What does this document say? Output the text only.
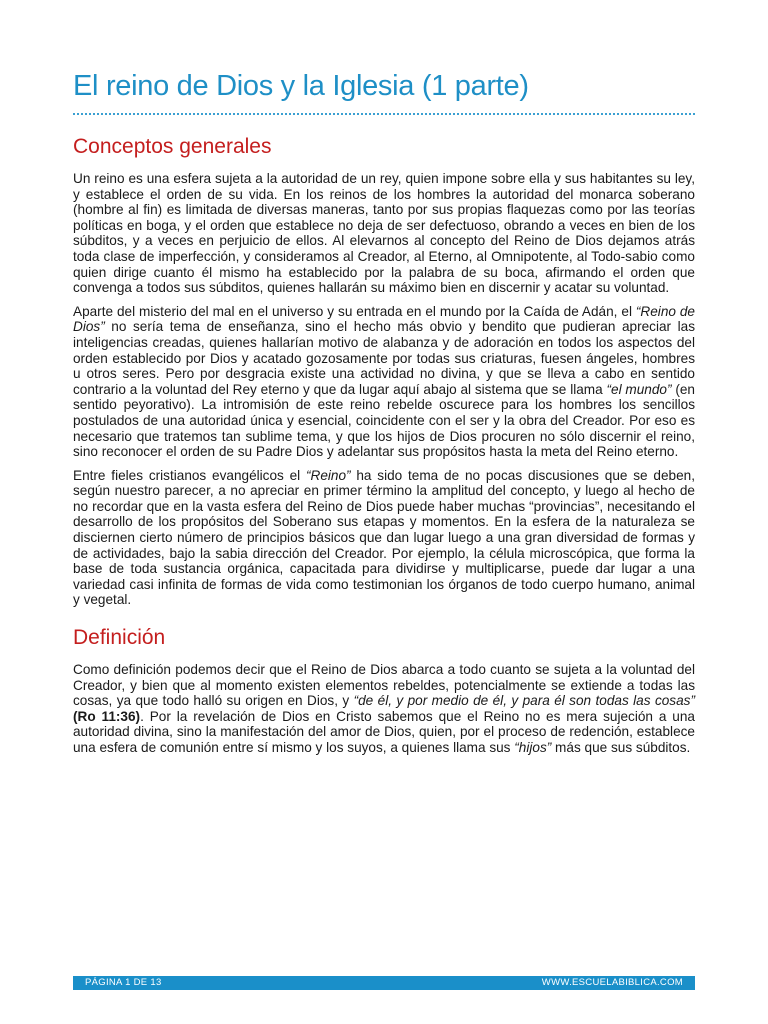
El reino de Dios y la Iglesia (1 parte)
Conceptos generales

Un reino es una esfera sujeta a la autoridad de un rey, quien impone sobre ella y sus habitantes su ley, y establece el orden de su vida. En los reinos de los hombres la autoridad del monarca soberano (hombre al fin) es limitada de diversas maneras, tanto por sus propias flaquezas como por las teorías políticas en boga, y el orden que establece no deja de ser defectuoso, obrando a veces en bien de los súbditos, y a veces en perjuicio de ellos. Al elevarnos al concepto del Reino de Dios dejamos atrás toda clase de imperfección, y consideramos al Creador, al Eterno, al Omnipotente, al Todo-sabio como quien dirige cuanto él mismo ha establecido por la palabra de su boca, afirmando el orden que convenga a todos sus súbditos, quienes hallarán su máximo bien en discernir y acatar su voluntad.

Aparte del misterio del mal en el universo y su entrada en el mundo por la Caída de Adán, el “Reino de Dios” no sería tema de enseñanza, sino el hecho más obvio y bendito que pudieran apreciar las inteligencias creadas, quienes hallarían motivo de alabanza y de adoración en todos los aspectos del orden establecido por Dios y acatado gozosamente por todas sus criaturas, fuesen ángeles, hombres u otros seres. Pero por desgracia existe una actividad no divina, y que se lleva a cabo en sentido contrario a la voluntad del Rey eterno y que da lugar aquí abajo al sistema que se llama “el mundo” (en sentido peyorativo). La intromisión de este reino rebelde oscurece para los hombres los sencillos postulados de una autoridad única y esencial, coincidente con el ser y la obra del Creador. Por eso es necesario que tratemos tan sublime tema, y que los hijos de Dios procuren no sólo discernir el reino, sino reconocer el orden de su Padre Dios y adelantar sus propósitos hasta la meta del Reino eterno.

Entre fieles cristianos evangélicos el “Reino” ha sido tema de no pocas discusiones que se deben, según nuestro parecer, a no apreciar en primer término la amplitud del concepto, y luego al hecho de no recordar que en la vasta esfera del Reino de Dios puede haber muchas “provincias”, necesitando el desarrollo de los propósitos del Soberano sus etapas y momentos. En la esfera de la naturaleza se disciernen cierto número de principios básicos que dan lugar luego a una gran diversidad de formas y de actividades, bajo la sabia dirección del Creador. Por ejemplo, la célula microscópica, que forma la base de toda sustancia orgánica, capacitada para dividirse y multiplicarse, puede dar lugar a una variedad casi infinita de formas de vida como testimonian los órganos de todo cuerpo humano, animal y vegetal.

Definición

Como definición podemos decir que el Reino de Dios abarca a todo cuanto se sujeta a la voluntad del Creador, y bien que al momento existen elementos rebeldes, potencialmente se extiende a todas las cosas, ya que todo halló su origen en Dios, y “de él, y por medio de él, y para él son todas las cosas” (Ro 11:36). Por la revelación de Dios en Cristo sabemos que el Reino no es mera sujeción a una autoridad divina, sino la manifestación del amor de Dios, quien, por el proceso de redención, establece una esfera de comunión entre sí mismo y los suyos, a quienes llama sus “hijos” más que sus súbditos.

PÁGINA 1 DE 13	WWW.ESCUELABIBLICA.COM
